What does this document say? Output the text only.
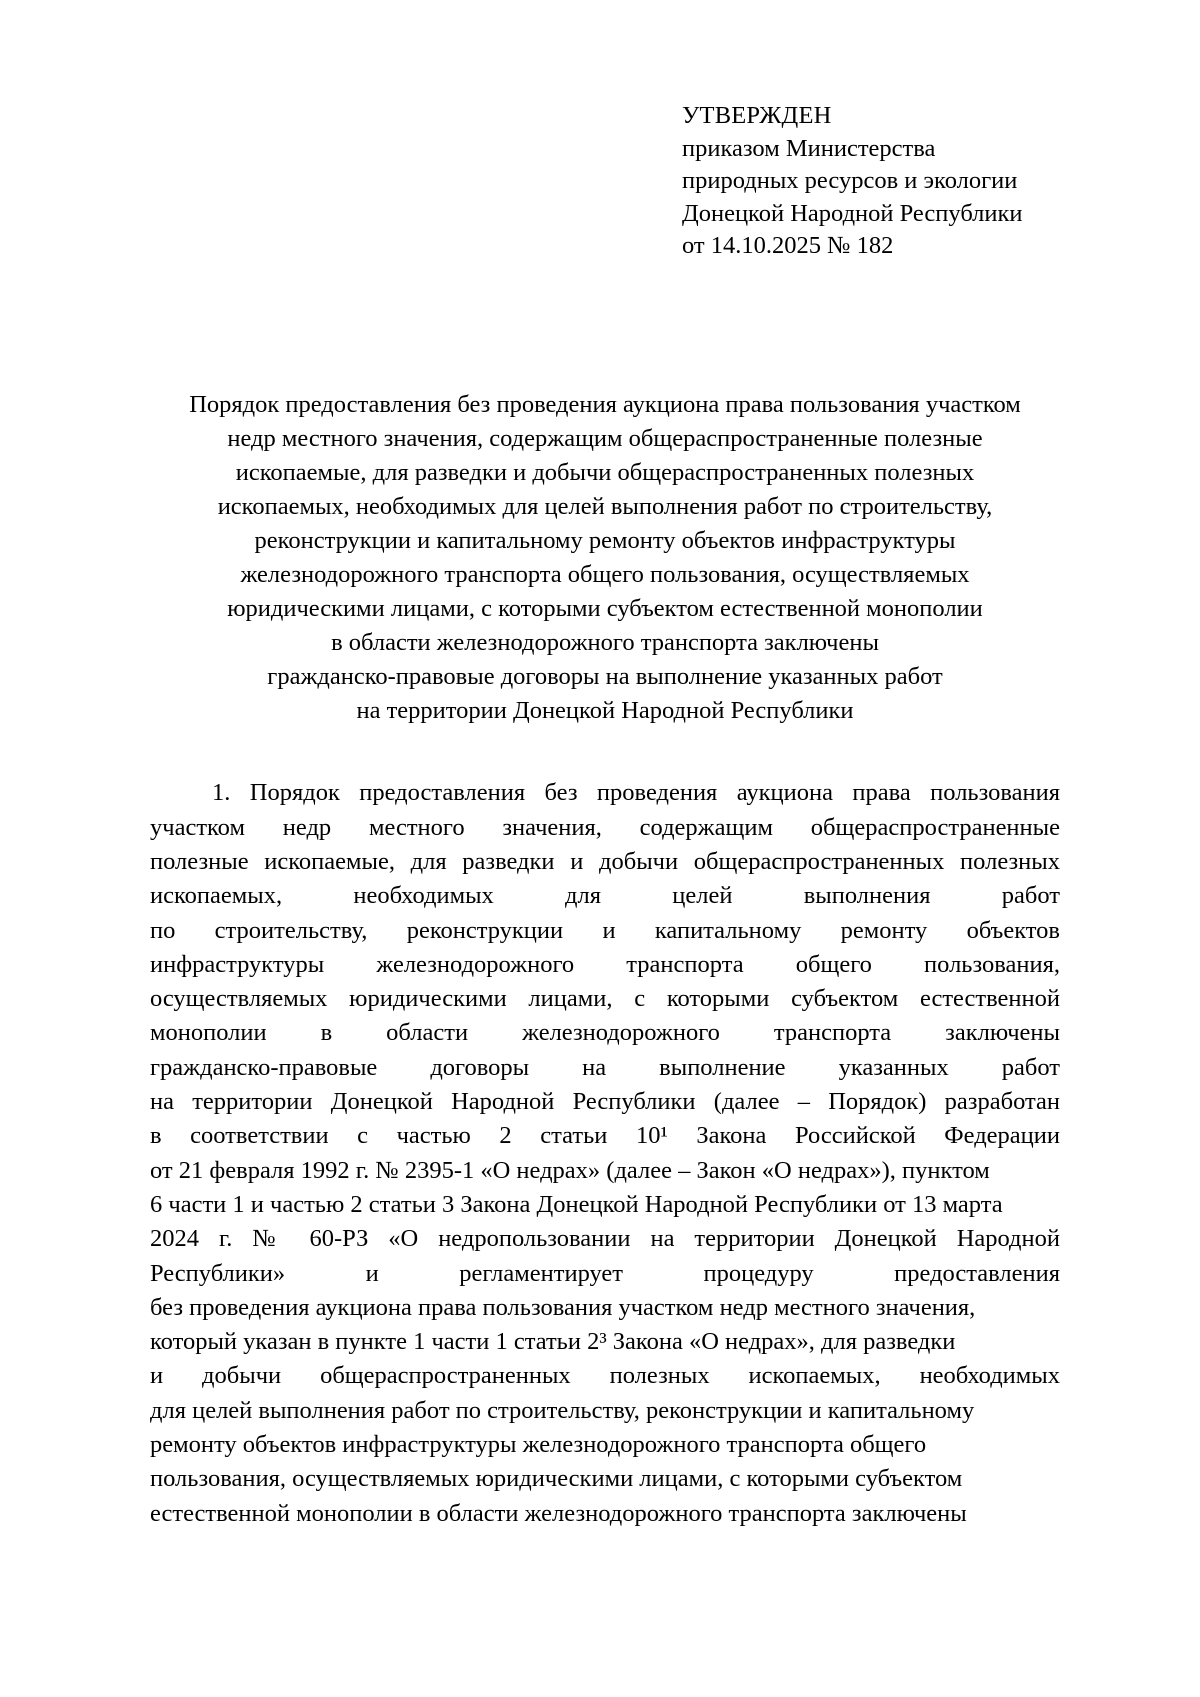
УТВЕРЖДЕН
приказом Министерства
природных ресурсов и экологии
Донецкой Народной Республики
от 14.10.2025 № 182
Порядок предоставления без проведения аукциона права пользования участком
недр местного значения, содержащим общераспространенные полезные
ископаемые, для разведки и добычи общераспространенных полезных
ископаемых, необходимых для целей выполнения работ по строительству,
реконструкции и капитальному ремонту объектов инфраструктуры
железнодорожного транспорта общего пользования, осуществляемых
юридическими лицами, с которыми субъектом естественной монополии
в области железнодорожного транспорта заключены
гражданско-правовые договоры на выполнение указанных работ
на территории Донецкой Народной Республики
1. Порядок предоставления без проведения аукциона права пользования
участком недр местного значения, содержащим общераспространенные
полезные ископаемые, для разведки и добычи общераспространенных полезных
ископаемых, необходимых для целей выполнения работ
по строительству, реконструкции и капитальному ремонту объектов
инфраструктуры железнодорожного транспорта общего пользования,
осуществляемых юридическими лицами, с которыми субъектом естественной
монополии в области железнодорожного транспорта заключены
гражданско-правовые договоры на выполнение указанных работ
на территории Донецкой Народной Республики (далее – Порядок) разработан
в соответствии с частью 2 статьи 10¹ Закона Российской Федерации
от 21 февраля 1992 г. № 2395-1 «О недрах» (далее – Закон «О недрах»), пунктом
6 части 1 и частью 2 статьи 3 Закона Донецкой Народной Республики от 13 марта
2024 г. № 60-РЗ «О недропользовании на территории Донецкой Народной
Республики» и регламентирует процедуру предоставления
без проведения аукциона права пользования участком недр местного значения,
который указан в пункте 1 части 1 статьи 2³ Закона «О недрах», для разведки
и добычи общераспространенных полезных ископаемых, необходимых
для целей выполнения работ по строительству, реконструкции и капитальному
ремонту объектов инфраструктуры железнодорожного транспорта общего
пользования, осуществляемых юридическими лицами, с которыми субъектом
естественной монополии в области железнодорожного транспорта заключены
